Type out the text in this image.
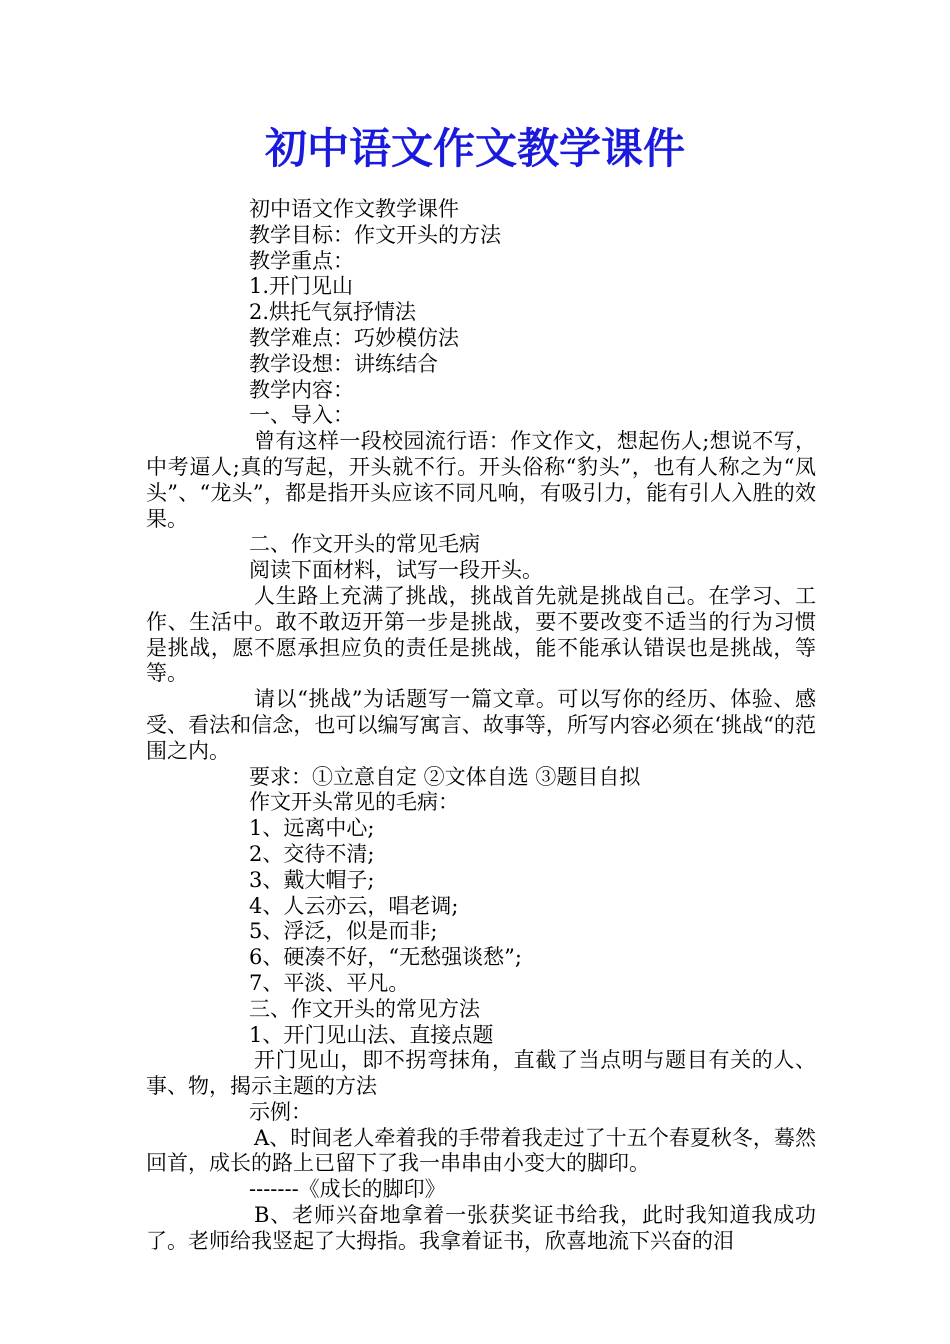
初中语文作文教学课件

初中语文作文教学课件

教学目标：作文开头的方法

教学重点：

1.开门见山

2.烘托气氛抒情法

教学难点：巧妙模仿法

教学设想：讲练结合

教学内容：

一、导入：

曾有这样一段校园流行语：作文作文，想起伤人;想说不写，中考逼人;真的写起，开头就不行。开头俗称“豹头”，也有人称之为“凤头”、“龙头”，都是指开头应该不同凡响，有吸引力，能有引人入胜的效果。

二、作文开头的常见毛病

阅读下面材料，试写一段开头。

人生路上充满了挑战，挑战首先就是挑战自己。在学习、工作、生活中。敢不敢迈开第一步是挑战，要不要改变不适当的行为习惯是挑战，愿不愿承担应负的责任是挑战，能不能承认错误也是挑战，等等。

请以“挑战”为话题写一篇文章。可以写你的经历、体验、感受、看法和信念，也可以编写寓言、故事等，所写内容必须在‘挑战“的范围之内。

要求：①立意自定 ②文体自选 ③题目自拟

作文开头常见的毛病：

1、远离中心;

2、交待不清;

3、戴大帽子;

4、人云亦云，唱老调;

5、浮泛，似是而非;

6、硬凑不好，“无愁强谈愁”;

7、平淡、平凡。

三、作文开头的常见方法

1、开门见山法、直接点题

开门见山，即不拐弯抹角，直截了当点明与题目有关的人、事、物，揭示主题的方法

示例：

A、时间老人牵着我的手带着我走过了十五个春夏秋冬，蓦然回首，成长的路上已留下了我一串串由小变大的脚印。

-------《成长的脚印》

B、老师兴奋地拿着一张获奖证书给我，此时我知道我成功了。老师给我竖起了大拇指。我拿着证书，欣喜地流下兴奋的泪
